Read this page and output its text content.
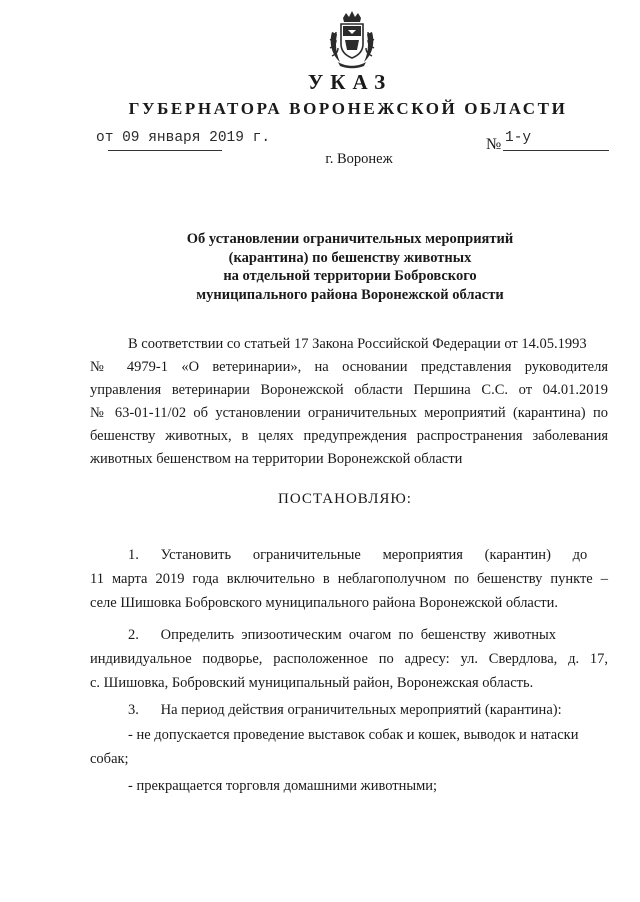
УКАЗ
ГУБЕРНАТОРА ВОРОНЕЖСКОЙ ОБЛАСТИ
от 09 января 2019 г.	№ 1-у
г. Воронеж
Об установлении ограничительных мероприятий
(карантина) по бешенству животных
на отдельной территории Бобровского
муниципального района Воронежской области
В соответствии со статьей 17 Закона Российской Федерации от 14.05.1993
№ 4979-1 «О ветеринарии», на основании представления руководителя
управления ветеринарии Воронежской области Першина С.С. от 04.01.2019
№ 63-01-11/02 об установлении ограничительных мероприятий (карантина) по
бешенству животных, в целях предупреждения распространения заболевания
животных бешенством на территории Воронежской области
ПОСТАНОВЛЯЮ:
1.      Установить      ограничительные      мероприятия      (карантин)      до
11 марта 2019 года включительно в неблагополучном по бешенству пункте –
селе Шишовка Бобровского муниципального района Воронежской области.
2.      Определить  эпизоотическим  очагом  по  бешенству  животных
индивидуальное подворье, расположенное по адресу: ул. Свердлова, д. 17,
с. Шишовка, Бобровский муниципальный район, Воронежская область.
3.      На период действия ограничительных мероприятий (карантина):
- не допускается проведение выставок собак и кошек, выводок и натаски
собак;
- прекращается торговля домашними животными;
